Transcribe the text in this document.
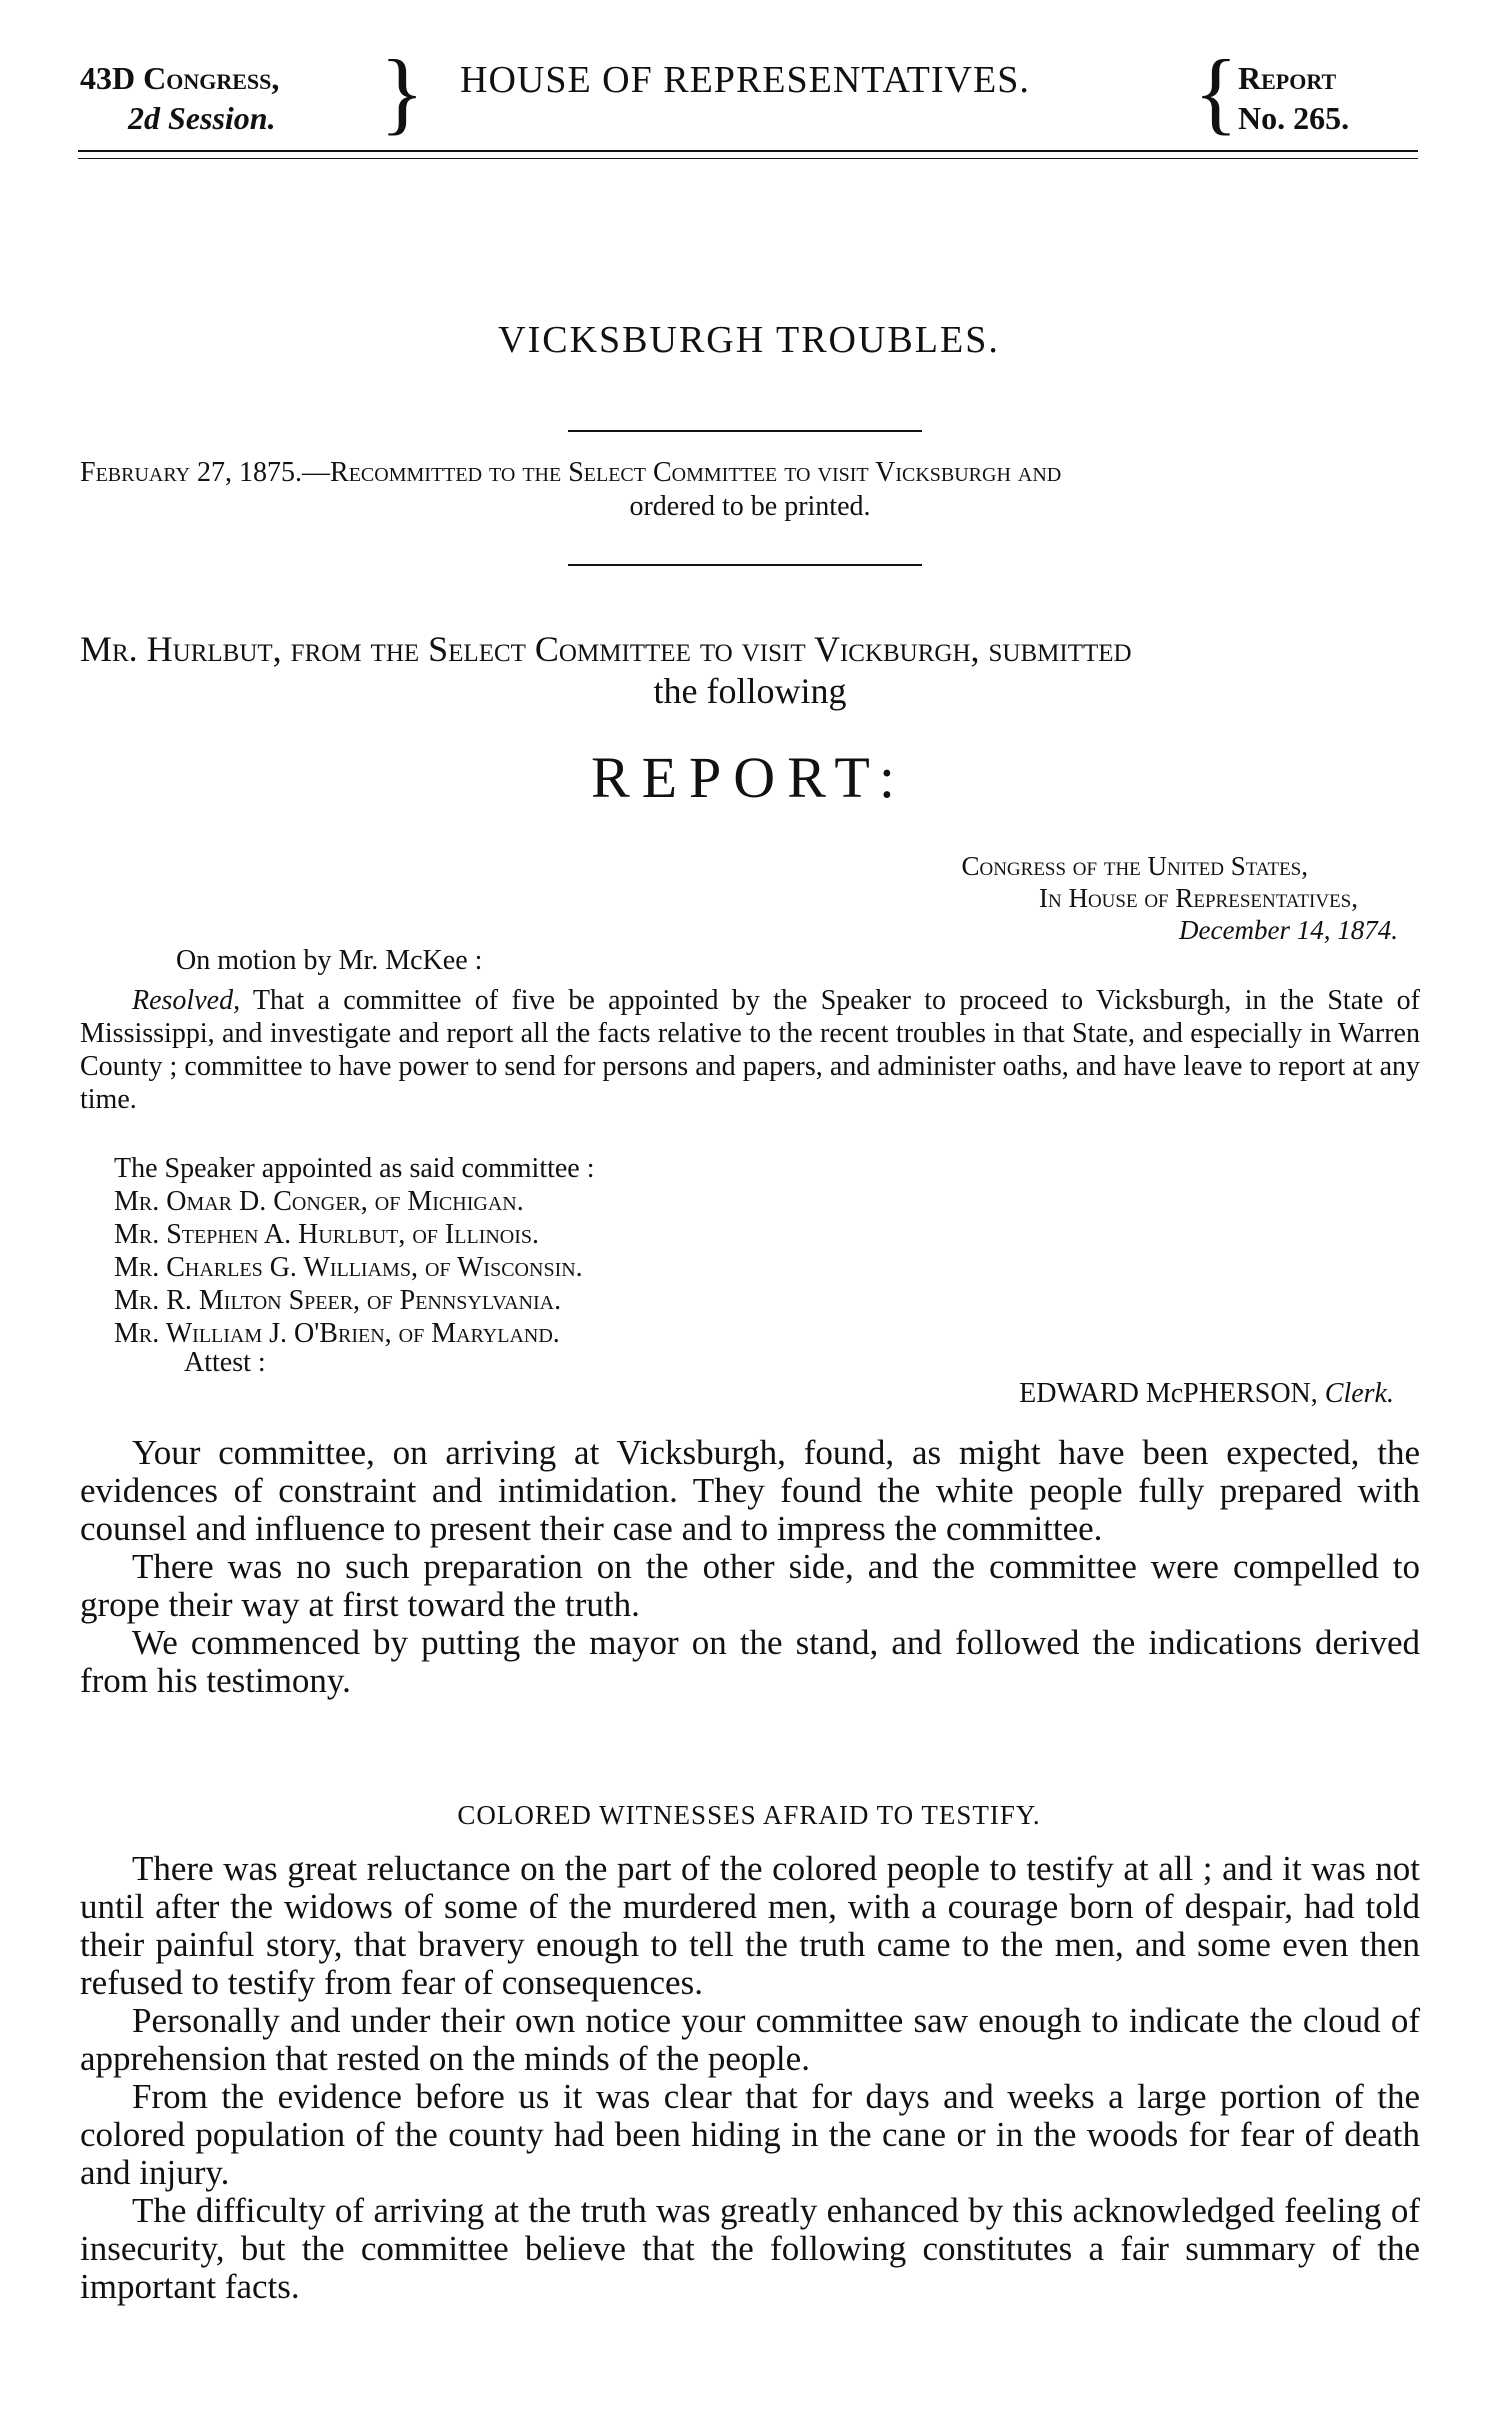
43D Congress,
2d Session. } HOUSE OF REPRESENTATIVES. { Report
No. 265.
VICKSBURGH TROUBLES.
February 27, 1875.—Recommitted to the Select Committee to visit Vicksburgh and
ordered to be printed.
Mr. Hurlbut, from the Select Committee to visit Vickburgh, submitted
the following
REPORT:
Congress of the United States,
In House of Representatives,
December 14, 1874.
On motion by Mr. McKee :
Resolved, That a committee of five be appointed by the Speaker to proceed to Vicksburgh, in the State of Mississippi, and investigate and report all the facts relative to the recent troubles in that State, and especially in Warren County ; committee to have power to send for persons and papers, and administer oaths, and have leave to report at any time.
The Speaker appointed as said committee :
Mr. Omar D. Conger, of Michigan.
Mr. Stephen A. Hurlbut, of Illinois.
Mr. Charles G. Williams, of Wisconsin.
Mr. R. Milton Speer, of Pennsylvania.
Mr. William J. O'Brien, of Maryland.
Attest :
EDWARD McPHERSON, Clerk.

Your committee, on arriving at Vicksburgh, found, as might have been expected, the evidences of constraint and intimidation. They found the white people fully prepared with counsel and influence to present their case and to impress the committee.

There was no such preparation on the other side, and the committee were compelled to grope their way at first toward the truth.

We commenced by putting the mayor on the stand, and followed the indications derived from his testimony.

COLORED WITNESSES AFRAID TO TESTIFY.

There was great reluctance on the part of the colored people to testify at all ; and it was not until after the widows of some of the murdered men, with a courage born of despair, had told their painful story, that bravery enough to tell the truth came to the men, and some even then refused to testify from fear of consequences.

Personally and under their own notice your committee saw enough to indicate the cloud of apprehension that rested on the minds of the people.

From the evidence before us it was clear that for days and weeks a large portion of the colored population of the county had been hiding in the cane or in the woods for fear of death and injury.

The difficulty of arriving at the truth was greatly enhanced by this acknowledged feeling of insecurity, but the committee believe that the following constitutes a fair summary of the important facts.
